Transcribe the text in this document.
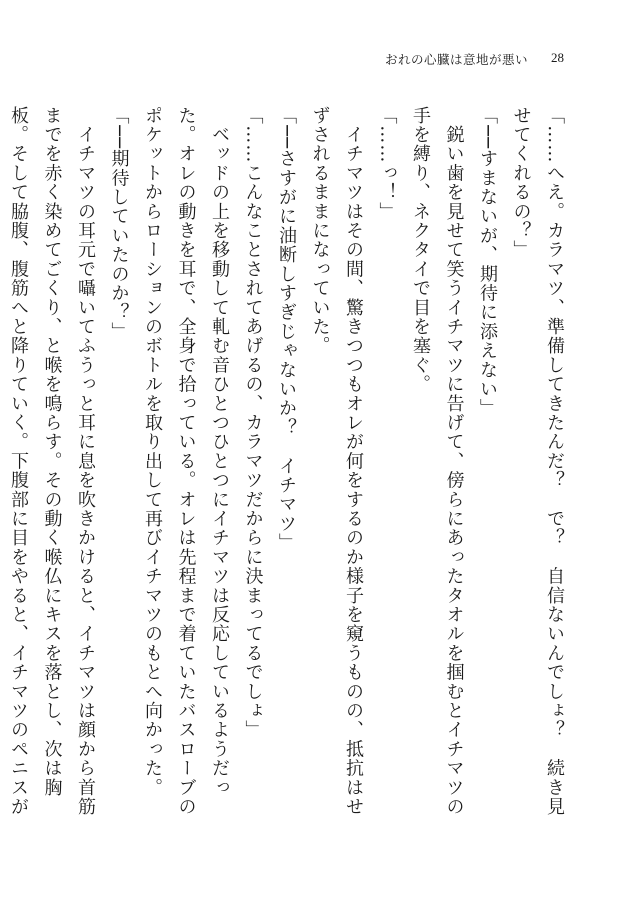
おれの心臓は意地が悪い 28

「……へえ。カラマツ、準備してきたんだ？　で？　自信ないんでしょ？　続き見せてくれるの？」

「──すまないが、期待に添えない」

　鋭い歯を見せて笑うイチマツに告げて、傍らにあったタオルを掴むとイチマツの手を縛り、ネクタイで目を塞ぐ。

「……っ！」

　イチマツはその間、驚きつつもオレが何をするのか様子を窺うものの、抵抗はせずされるままになっていた。

「──さすがに油断しすぎじゃないか？　イチマツ」

「……こんなことされてあげるの、カラマツだからに決まってるでしょ」

　ベッドの上を移動して軋む音ひとつひとつにイチマツは反応しているようだった。オレの動きを耳で、全身で拾っている。オレは先程まで着ていたバスローブのポケットからローションのボトルを取り出して再びイチマツのもとへ向かった。

「──期待していたのか？」

　イチマツの耳元で囁いてふうっと耳に息を吹きかけると、イチマツは顔から首筋までを赤く染めてごくり、と喉を鳴らす。その動く喉仏にキスを落とし、次は胸板。そして脇腹、腹筋へと降りていく。下腹部に目をやると、イチマツのペニスが
